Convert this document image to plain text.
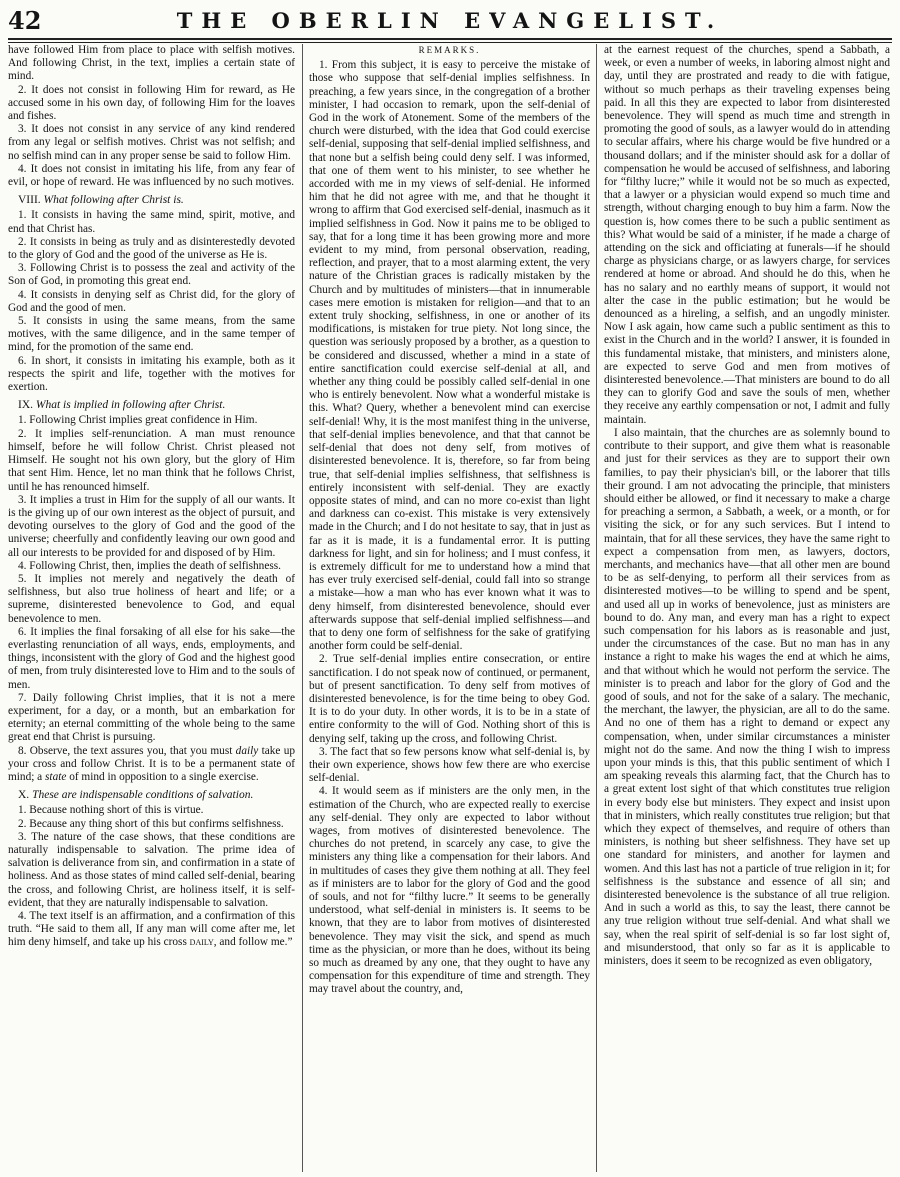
42	THE OBERLIN EVANGELIST.

have followed Him from place to place with selfish motives. And following Christ, in the text, implies a certain state of mind.

2. It does not consist in following Him for reward, as He accused some in his own day, of following Him for the loaves and fishes.

3. It does not consist in any service of any kind rendered from any legal or selfish motives. Christ was not selfish; and no selfish mind can in any proper sense be said to follow Him.

4. It does not consist in imitating his life, from any fear of evil, or hope of reward. He was influenced by no such motives.

VIII. What following after Christ is.

1. It consists in having the same mind, spirit, motive, and end that Christ has.

2. It consists in being as truly and as disinterestedly devoted to the glory of God and the good of the universe as He is.

3. Following Christ is to possess the zeal and activity of the Son of God, in promoting this great end.

4. It consists in denying self as Christ did, for the glory of God and the good of men.

5. It consists in using the same means, from the same motives, with the same diligence, and in the same temper of mind, for the promotion of the same end.

6. In short, it consists in imitating his example, both as it respects the spirit and life, together with the motives for exertion.

IX. What is implied in following after Christ.

1. Following Christ implies great confidence in Him.

2. It implies self-renunciation. A man must renounce himself, before he will follow Christ. Christ pleased not Himself. He sought not his own glory, but the glory of Him that sent Him. Hence, let no man think that he follows Christ, until he has renounced himself.

3. It implies a trust in Him for the supply of all our wants. It is the giving up of our own interest as the object of pursuit, and devoting ourselves to the glory of God and the good of the universe; cheerfully and confidently leaving our own good and all our interests to be provided for and disposed of by Him.

4. Following Christ, then, implies the death of selfishness.

5. It implies not merely and negatively the death of selfishness, but also true holiness of heart and life; or a supreme, disinterested benevolence to God, and equal benevolence to men.

6. It implies the final forsaking of all else for his sake—the everlasting renunciation of all ways, ends, employments, and things, inconsistent with the glory of God and the highest good of men, from truly disinterested love to Him and to the souls of men.

7. Daily following Christ implies, that it is not a mere experiment, for a day, or a month, but an embarkation for eternity; an eternal committing of the whole being to the same great end that Christ is pursuing.

8. Observe, the text assures you, that you must daily take up your cross and follow Christ. It is to be a permanent state of mind; a state of mind in opposition to a single exercise.

X. These are indispensable conditions of salvation.

1. Because nothing short of this is virtue.

2. Because any thing short of this but confirms selfishness.

3. The nature of the case shows, that these conditions are naturally indispensable to salvation. The prime idea of salvation is deliverance from sin, and confirmation in a state of holiness. And as those states of mind called self-denial, bearing the cross, and following Christ, are holiness itself, it is self-evident, that they are naturally indispensable to salvation.

4. The text itself is an affirmation, and a confirmation of this truth. “He said to them all, If any man will come after me, let him deny himself, and take up his cross daily, and follow me.”

REMARKS.

1. From this subject, it is easy to perceive the mistake of those who suppose that self-denial implies selfishness. In preaching, a few years since, in the congregation of a brother minister, I had occasion to remark, upon the self-denial of God in the work of Atonement. Some of the members of the church were disturbed, with the idea that God could exercise self-denial, supposing that self-denial implied selfishness, and that none but a selfish being could deny self. I was informed, that one of them went to his minister, to see whether he accorded with me in my views of self-denial. He informed him that he did not agree with me, and that he thought it wrong to affirm that God exercised self-denial, inasmuch as it implied selfishness in God. Now it pains me to be obliged to say, that for a long time it has been growing more and more evident to my mind, from personal observation, reading, reflection, and prayer, that to a most alarming extent, the very nature of the Christian graces is radically mistaken by the Church and by multitudes of ministers—that in innumerable cases mere emotion is mistaken for religion—and that to an extent truly shocking, selfishness, in one or another of its modifications, is mistaken for true piety. Not long since, the question was seriously proposed by a brother, as a question to be considered and discussed, whether a mind in a state of entire sanctification could exercise self-denial at all, and whether any thing could be possibly called self-denial in one who is entirely benevolent. Now what a wonderful mistake is this. What? Query, whether a benevolent mind can exercise self-denial! Why, it is the most manifest thing in the universe, that self-denial implies benevolence, and that that cannot be self-denial that does not deny self, from motives of disinterested benevolence. It is, therefore, so far from being true, that self-denial implies selfishness, that selfishness is entirely inconsistent with self-denial. They are exactly opposite states of mind, and can no more co-exist than light and darkness can co-exist. This mistake is very extensively made in the Church; and I do not hesitate to say, that in just as far as it is made, it is a fundamental error. It is putting darkness for light, and sin for holiness; and I must confess, it is extremely difficult for me to understand how a mind that has ever truly exercised self-denial, could fall into so strange a mistake—how a man who has ever known what it was to deny himself, from disinterested benevolence, should ever afterwards suppose that self-denial implied selfishness—and that to deny one form of selfishness for the sake of gratifying another form could be self-denial.

2. True self-denial implies entire consecration, or entire sanctification. I do not speak now of continued, or permanent, but of present sanctification. To deny self from motives of disinterested benevolence, is for the time being to obey God. It is to do your duty. In other words, it is to be in a state of entire conformity to the will of God. Nothing short of this is denying self, taking up the cross, and following Christ.

3. The fact that so few persons know what self-denial is, by their own experience, shows how few there are who exercise self-denial.

4. It would seem as if ministers are the only men, in the estimation of the Church, who are expected really to exercise any self-denial. They only are expected to labor without wages, from motives of disinterested benevolence. The churches do not pretend, in scarcely any case, to give the ministers any thing like a compensation for their labors. And in multitudes of cases they give them nothing at all. They feel as if ministers are to labor for the glory of God and the good of souls, and not for “filthy lucre.” It seems to be generally understood, what self-denial in ministers is. It seems to be known, that they are to labor from motives of disinterested benevolence. They may visit the sick, and spend as much time as the physician, or more than he does, without its being so much as dreamed by any one, that they ought to have any compensation for this expenditure of time and strength. They may travel about the country, and,

at the earnest request of the churches, spend a Sabbath, a week, or even a number of weeks, in laboring almost night and day, until they are prostrated and ready to die with fatigue, without so much perhaps as their traveling expenses being paid. In all this they are expected to labor from disinterested benevolence. They will spend as much time and strength in promoting the good of souls, as a lawyer would do in attending to secular affairs, where his charge would be five hundred or a thousand dollars; and if the minister should ask for a dollar of compensation he would be accused of selfishness, and laboring for “filthy lucre;” while it would not be so much as expected, that a lawyer or a physician would expend so much time and strength, without charging enough to buy him a farm. Now the question is, how comes there to be such a public sentiment as this? What would be said of a minister, if he made a charge of attending on the sick and officiating at funerals—if he should charge as physicians charge, or as lawyers charge, for services rendered at home or abroad. And should he do this, when he has no salary and no earthly means of support, it would not alter the case in the public estimation; but he would be denounced as a hireling, a selfish, and an ungodly minister. Now I ask again, how came such a public sentiment as this to exist in the Church and in the world? I answer, it is founded in this fundamental mistake, that ministers, and ministers alone, are expected to serve God and men from motives of disinterested benevolence.—That ministers are bound to do all they can to glorify God and save the souls of men, whether they receive any earthly compensation or not, I admit and fully maintain.

I also maintain, that the churches are as solemnly bound to contribute to their support, and give them what is reasonable and just for their services as they are to support their own families, to pay their physician's bill, or the laborer that tills their ground. I am not advocating the principle, that ministers should either be allowed, or find it necessary to make a charge for preaching a sermon, a Sabbath, a week, or a month, or for visiting the sick, or for any such services. But I intend to maintain, that for all these services, they have the same right to expect a compensation from men, as lawyers, doctors, merchants, and mechanics have—that all other men are bound to be as self-denying, to perform all their services from as disinterested motives—to be willing to spend and be spent, and used all up in works of benevolence, just as ministers are bound to do. Any man, and every man has a right to expect such compensation for his labors as is reasonable and just, under the circumstances of the case. But no man has in any instance a right to make his wages the end at which he aims, and that without which he would not perform the service. The minister is to preach and labor for the glory of God and the good of souls, and not for the sake of a salary. The mechanic, the merchant, the lawyer, the physician, are all to do the same. And no one of them has a right to demand or expect any compensation, when, under similar circumstances a minister might not do the same. And now the thing I wish to impress upon your minds is this, that this public sentiment of which I am speaking reveals this alarming fact, that the Church has to a great extent lost sight of that which constitutes true religion in every body else but ministers. They expect and insist upon that in ministers, which really constitutes true religion; but that which they expect of themselves, and require of others than ministers, is nothing but sheer selfishness. They have set up one standard for ministers, and another for laymen and women. And this last has not a particle of true religion in it; for selfishness is the substance and essence of all sin; and disinterested benevolence is the substance of all true religion. And in such a world as this, to say the least, there cannot be any true religion without true self-denial. And what shall we say, when the real spirit of self-denial is so far lost sight of, and misunderstood, that only so far as it is applicable to ministers, does it seem to be recognized as even obligatory,
